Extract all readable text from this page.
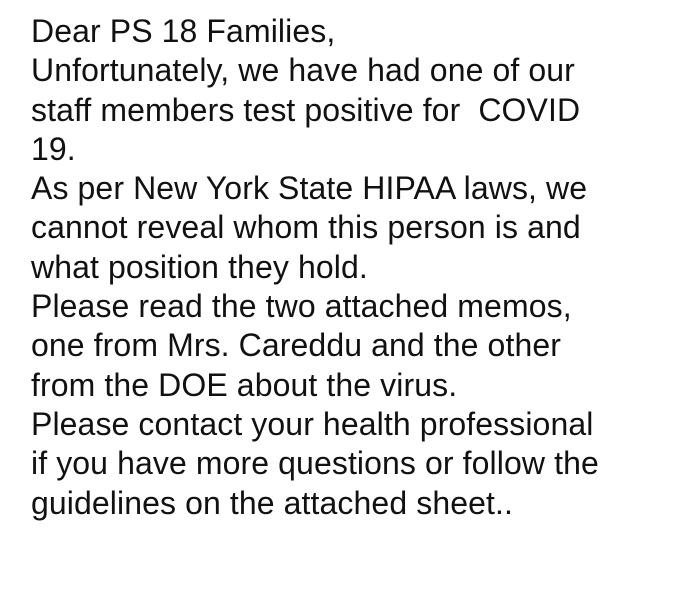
Dear PS 18 Families,
Unfortunately, we have had one of our
staff members test positive for  COVID
19.
As per New York State HIPAA laws, we
cannot reveal whom this person is and
what position they hold.
Please read the two attached memos,
one from Mrs. Careddu and the other
from the DOE about the virus.
Please contact your health professional
if you have more questions or follow the
guidelines on the attached sheet..
